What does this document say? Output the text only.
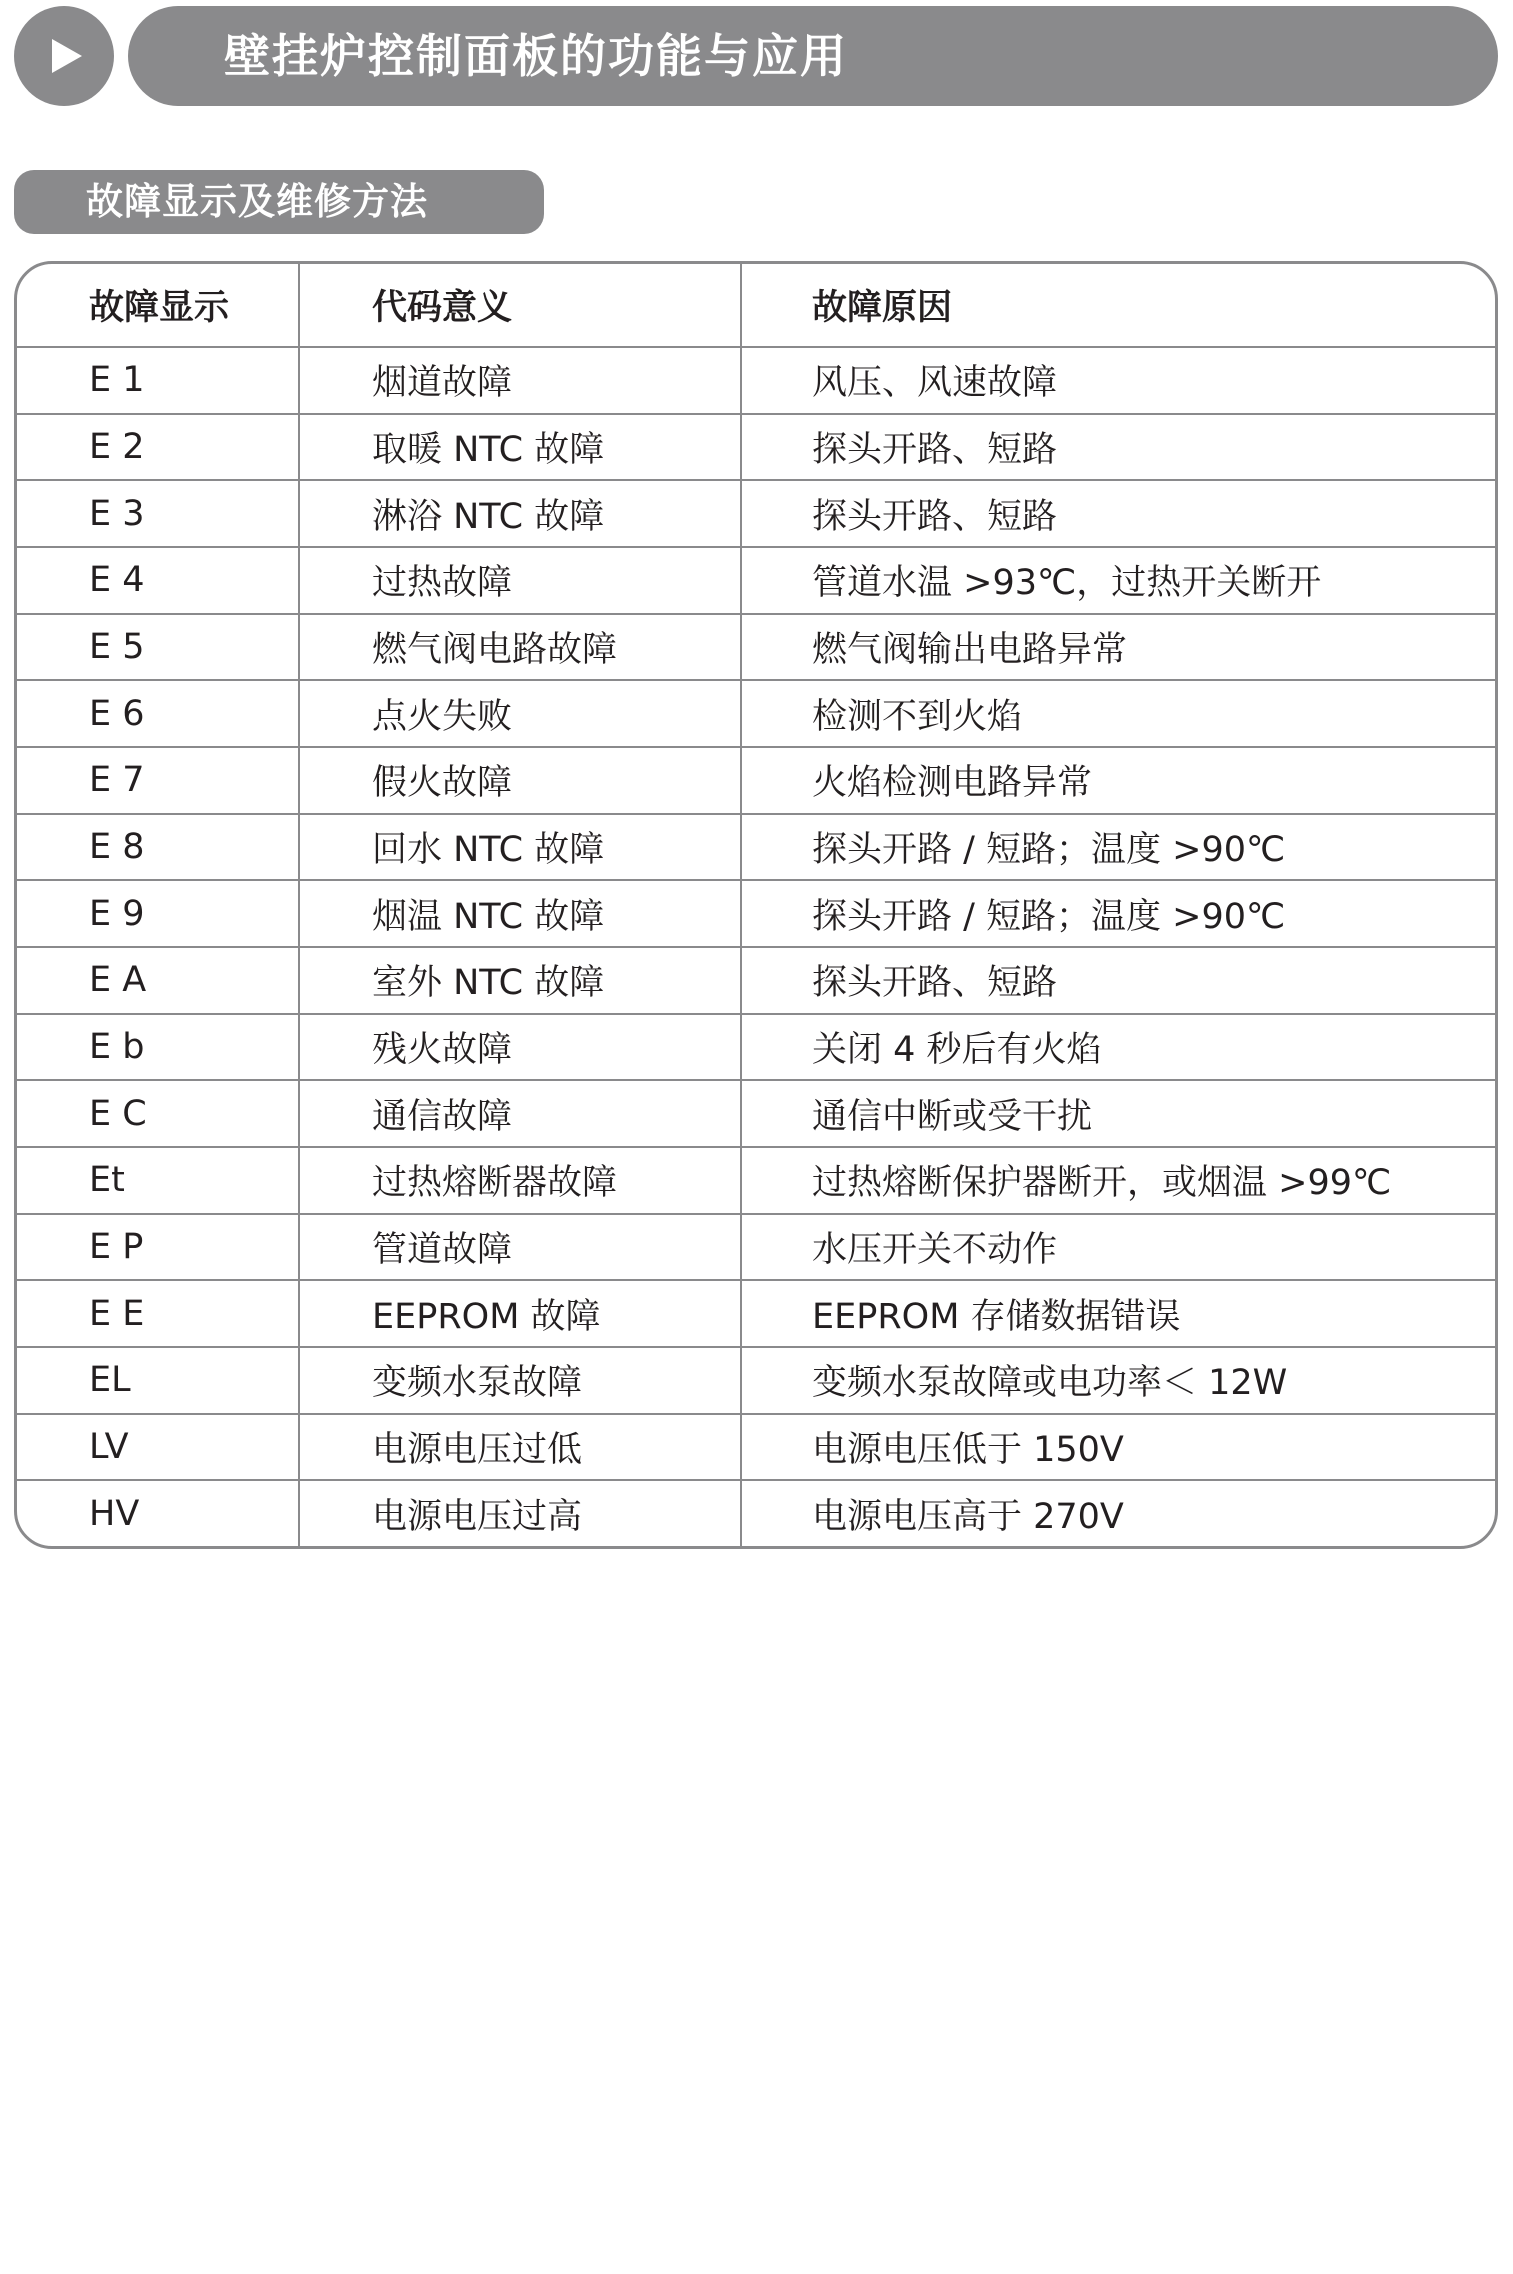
壁挂炉控制面板的功能与应用
故障显示及维修方法
故障显示	代码意义	故障原因
E 1	烟道故障	风压、风速故障
E 2	取暖 NTC 故障	探头开路、短路
E 3	淋浴 NTC 故障	探头开路、短路
E 4	过热故障	管道水温 >93℃，过热开关断开
E 5	燃气阀电路故障	燃气阀输出电路异常
E 6	点火失败	检测不到火焰
E 7	假火故障	火焰检测电路异常
E 8	回水 NTC 故障	探头开路 / 短路；温度 >90℃
E 9	烟温 NTC 故障	探头开路 / 短路；温度 >90℃
E A	室外 NTC 故障	探头开路、短路
E b	残火故障	关闭 4 秒后有火焰
E C	通信故障	通信中断或受干扰
Et	过热熔断器故障	过热熔断保护器断开，或烟温 >99℃
E P	管道故障	水压开关不动作
E E	EEPROM 故障	EEPROM 存储数据错误
EL	变频水泵故障	变频水泵故障或电功率＜ 12W
LV	电源电压过低	电源电压低于 150V
HV	电源电压过高	电源电压高于 270V
